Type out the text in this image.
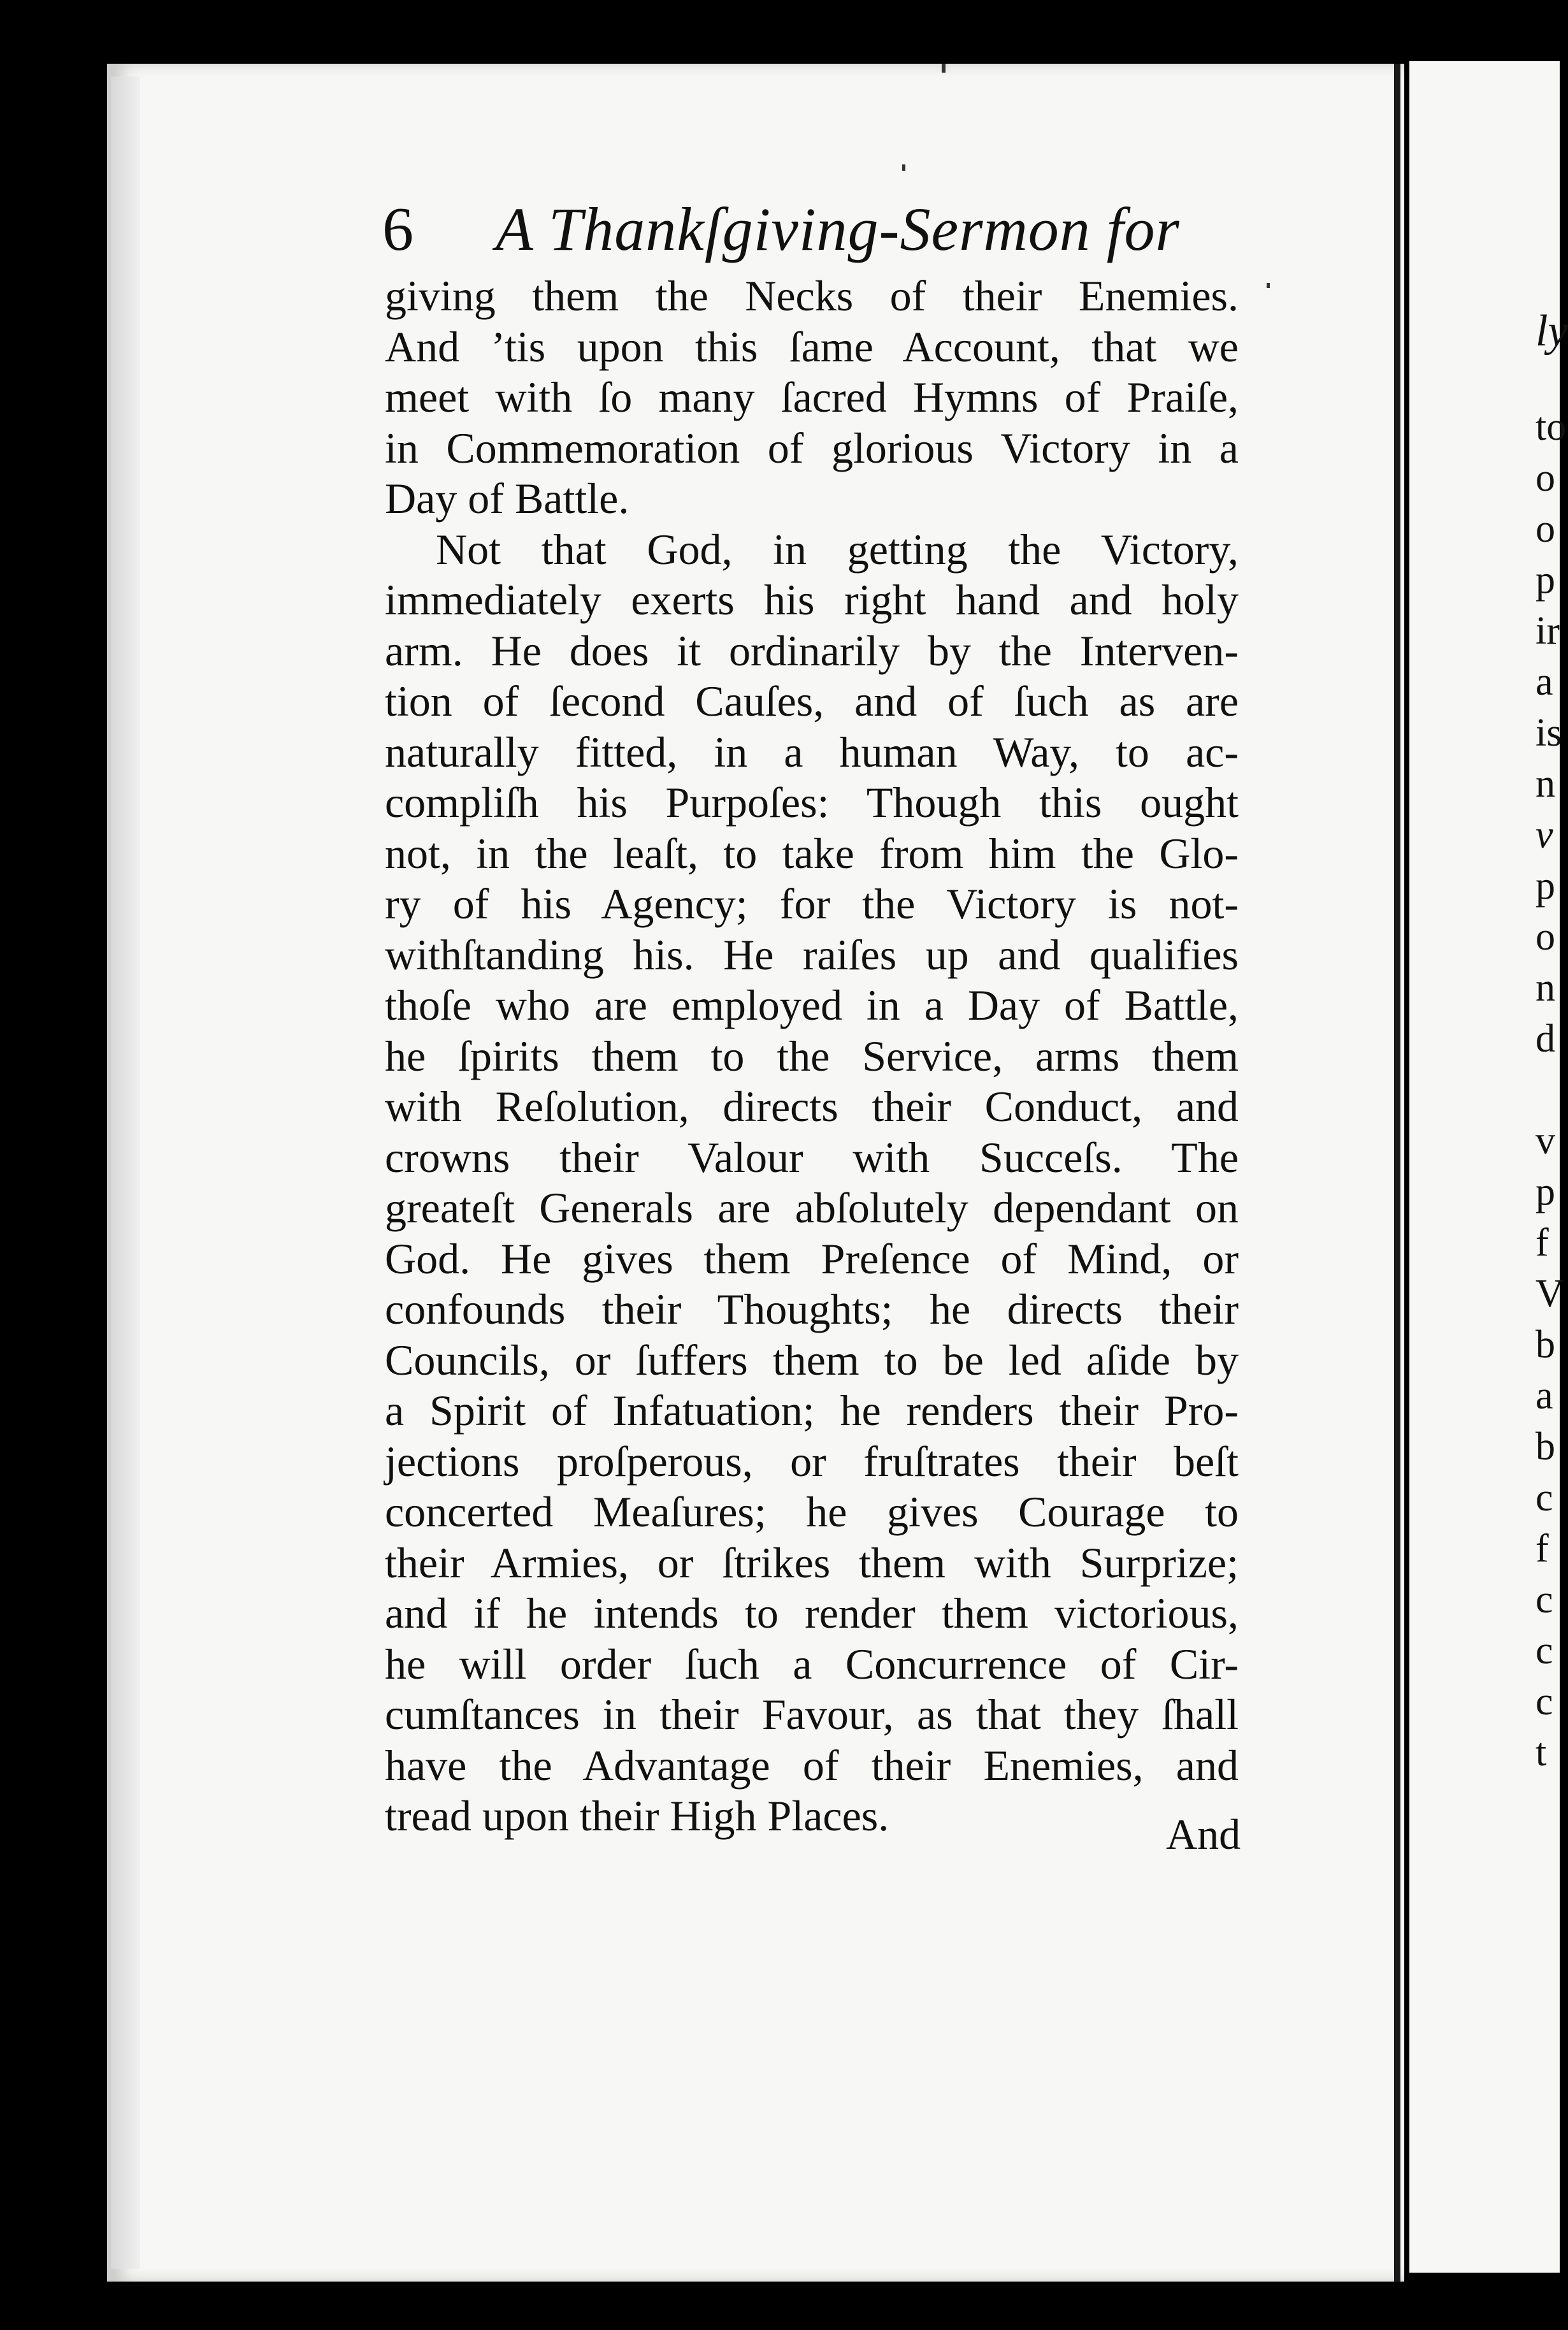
6 A Thankſgiving-Sermon for
giving them the Necks of their Enemies.
And ’tis upon this ſame Account, that we
meet with ſo many ſacred Hymns of Praiſe,
in Commemoration of glorious Victory in a
Day of Battle.
Not that God, in getting the Victory,
immediately exerts his right hand and holy
arm. He does it ordinarily by the Interven-
tion of ſecond Cauſes, and of ſuch as are
naturally fitted, in a human Way, to ac-
compliſh his Purpoſes: Though this ought
not, in the leaſt, to take from him the Glo-
ry of his Agency; for the Victory is not-
withſtanding his. He raiſes up and qualifies
thoſe who are employed in a Day of Battle,
he ſpirits them to the Service, arms them
with Reſolution, directs their Conduct, and
crowns their Valour with Succeſs. The
greateſt Generals are abſolutely dependant on
God. He gives them Preſence of Mind, or
confounds their Thoughts; he directs their
Councils, or ſuffers them to be led aſide by
a Spirit of Infatuation; he renders their Pro-
jections proſperous, or fruſtrates their beſt
concerted Meaſures; he gives Courage to
their Armies, or ſtrikes them with Surprize;
and if he intends to render them victorious,
he will order ſuch a Concurrence of Cir-
cumſtances in their Favour, as that they ſhall
have the Advantage of their Enemies, and
tread upon their High Places.	And
ly
to
o
o
p
ir
a
is
n
v
p
o
n
d
v
p
f
V
b
a
b
c
f
c
c
c
t
